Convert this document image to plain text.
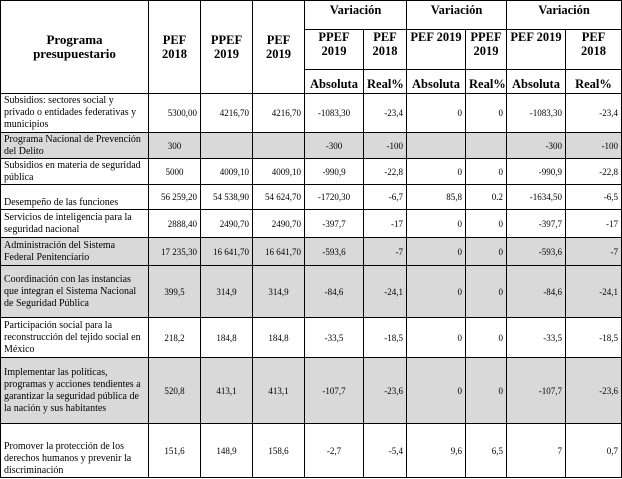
Programa presupuestario	PEF 2018	PPEF 2019	PEF 2019	Variación		Variación		Variación	
				PPEF 2019	PEF 2018	PEF 2019	PPEF 2019	PEF 2019	PEF 2018
				Absoluta	Real%	Absoluta	Real%	Absoluta	Real%
Subsidios: sectores social y privado o entidades federativas y municipios	5300,00	4216,70	4216,70	-1083,30	-23,4	0	0	-1083,30	-23,4
Programa Nacional de Prevención del Delito	300			-300	-100			-300	-100
Subsidios en materia de seguridad pública	5000	4009,10	4009,10	-990,9	-22,8	0	0	-990,9	-22,8
Desempeño de las funciones	56 259,20	54 538,90	54 624,70	-1720,30	-6,7	85,8	0.2	-1634,50	-6,5
Servicios de inteligencia para la seguridad nacional	2888,40	2490,70	2490,70	-397,7	-17	0	0	-397,7	-17
Administración del Sistema Federal Penitenciario	17 235,30	16 641,70	16 641,70	-593,6	-7	0	0	-593,6	-7
Coordinación con las instancias que integran el Sistema Nacional de Seguridad Pública	399,5	314,9	314,9	-84,6	-24,1	0	0	-84,6	-24,1
Participación social para la reconstrucción del tejido social en México	218,2	184,8	184,8	-33,5	-18,5	0	0	-33,5	-18,5
Implementar las políticas, programas y acciones tendientes a garantizar la seguridad pública de la nación y sus habitantes	520,8	413,1	413,1	-107,7	-23,6	0	0	-107,7	-23,6
Promover la protección de los derechos humanos y prevenir la discriminación	151,6	148,9	158,6	-2,7	-5,4	9,6	6,5	7	0,7
